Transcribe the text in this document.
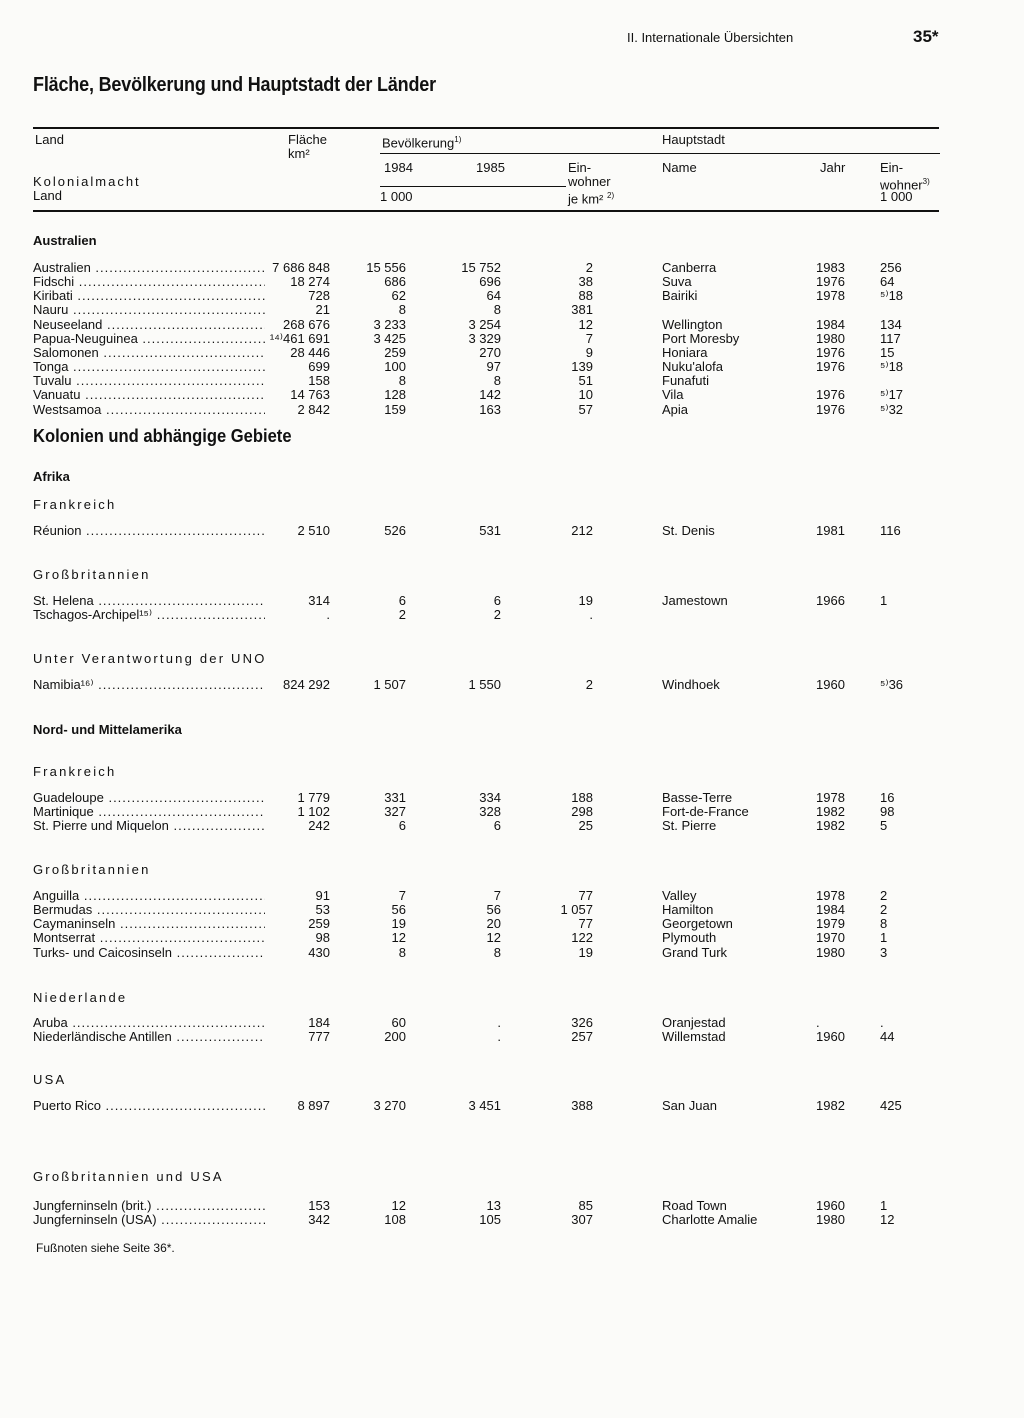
II. Internationale Übersichten	35*
Fläche, Bevölkerung und Hauptstadt der Länder
Land
Kolonialmacht
Land
Fläche
km²
Bevölkerung$^{1)}$
1984	1985
1 000
Ein-
wohner
je km² $^{2)}$
Hauptstadt
Name	Jahr	Ein-
wohner$^{3)}$
1 000
Australien
Kolonien und abhängige Gebiete
Afrika
Frankreich
Großbritannien
Unter Verantwortung der UNO
Nord- und Mittelamerika
Frankreich
Großbritannien
Niederlande
USA
Großbritannien und USA
Australien .....	7 686 848	15 556	15 752	2	Canberra	1983	256
Fidschi .....	18 274	686	696	38	Suva	1976	64
Kiribati .....	728	62	64	88	Bairiki	1978	⁵⁾18
Nauru .....	21	8	8	381
Neuseeland .....	268 676	3 233	3 254	12	Wellington	1984	134
Papua-Neuguinea .....	¹⁴⁾461 691	3 425	3 329	7	Port Moresby	1980	117
Salomonen .....	28 446	259	270	9	Honiara	1976	15
Tonga .....	699	100	97	139	Nuku'alofa	1976	⁵⁾18
Tuvalu .....	158	8	8	51	Funafuti
Vanuatu .....	14 763	128	142	10	Vila	1976	⁵⁾17
Westsamoa .....	2 842	159	163	57	Apia	1976	⁵⁾32
Réunion .....	2 510	526	531	212	St. Denis	1981	116
St. Helena .....	314	6	6	19	Jamestown	1966	1
Tschagos-Archipel¹⁵⁾ .....	.	2	2	.
Namibia¹⁶⁾ .....	824 292	1 507	1 550	2	Windhoek	1960	⁵⁾36
Guadeloupe .....	1 779	331	334	188	Basse-Terre	1978	16
Martinique .....	1 102	327	328	298	Fort-de-France	1982	98
St. Pierre und Miquelon .....	242	6	6	25	St. Pierre	1982	5
Anguilla .....	91	7	7	77	Valley	1978	2
Bermudas .....	53	56	56	1 057	Hamilton	1984	2
Caymaninseln .....	259	19	20	77	Georgetown	1979	8
Montserrat .....	98	12	12	122	Plymouth	1970	1
Turks- und Caicosinseln .....	430	8	8	19	Grand Turk	1980	3
Aruba .....	184	60	.	326	Oranjestad	.	.
Niederländische Antillen .....	777	200	.	257	Willemstad	1960	44
Puerto Rico .....	8 897	3 270	3 451	388	San Juan	1982	425
Jungferninseln (brit.) .....	153	12	13	85	Road Town	1960	1
Jungferninseln (USA) .....	342	108	105	307	Charlotte Amalie	1980	12
Fußnoten siehe Seite 36*.
